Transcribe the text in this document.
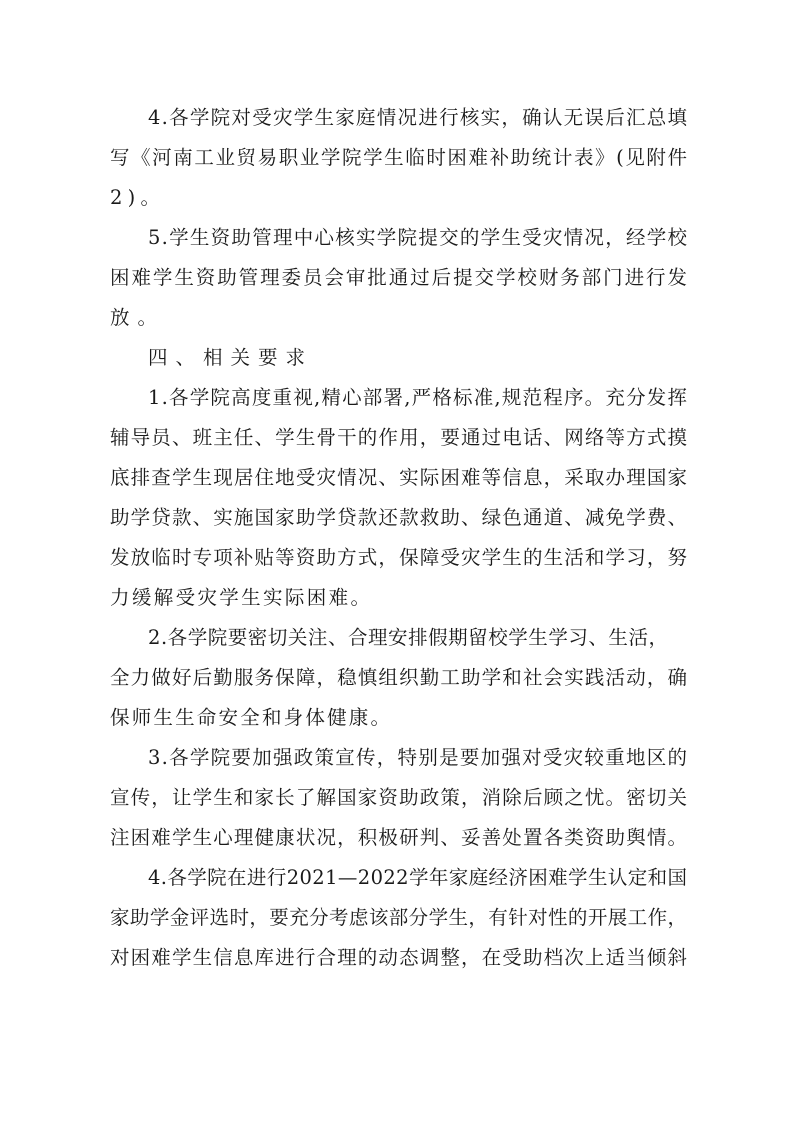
4.各学院对受灾学生家庭情况进行核实，确认无误后汇总填
写《河南工业贸易职业学院学生临时困难补助统计表》(见附件
2)。
5.学生资助管理中心核实学院提交的学生受灾情况，经学校
困难学生资助管理委员会审批通过后提交学校财务部门进行发
放。
四、相关要求
1.各学院高度重视,精心部署,严格标准,规范程序。充分发挥
辅导员、班主任、学生骨干的作用，要通过电话、网络等方式摸
底排查学生现居住地受灾情况、实际困难等信息，采取办理国家
助学贷款、实施国家助学贷款还款救助、绿色通道、减免学费、
发放临时专项补贴等资助方式，保障受灾学生的生活和学习，努
力缓解受灾学生实际困难。
2.各学院要密切关注、合理安排假期留校学生学习、生活，
全力做好后勤服务保障，稳慎组织勤工助学和社会实践活动，确
保师生生命安全和身体健康。
3.各学院要加强政策宣传，特别是要加强对受灾较重地区的
宣传，让学生和家长了解国家资助政策，消除后顾之忧。密切关
注困难学生心理健康状况，积极研判、妥善处置各类资助舆情。
4.各学院在进行2021—2022学年家庭经济困难学生认定和国
家助学金评选时，要充分考虑该部分学生，有针对性的开展工作，
对困难学生信息库进行合理的动态调整，在受助档次上适当倾斜
